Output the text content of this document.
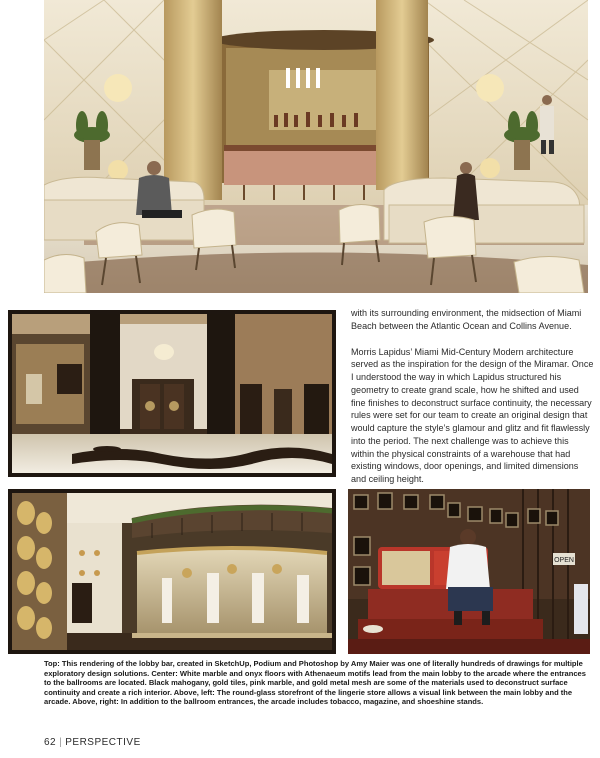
OPEN

with its surrounding environment, the midsection of Miami Beach between the Atlantic Ocean and Collins Avenue.

Morris Lapidus’ Miami Mid-Century Modern architecture served as the inspiration for the design of the Miramar. Once I understood the way in which Lapidus structured his geometry to create grand scale, how he shifted and used fine finishes to deconstruct surface continuity, the necessary rules were set for our team to create an original design that would capture the style’s glamour and glitz and fit flawlessly into the period. The next challenge was to achieve this within the physical constraints of a warehouse that had existing windows, door openings, and limited dimensions and ceiling height.

Top: This rendering of the lobby bar, created in SketchUp, Podium and Photoshop by Amy Maier was one of literally hundreds of drawings for multiple exploratory design solutions. Center: White marble and onyx floors with Athenaeum motifs lead from the main lobby to the arcade where the entrances to the ballrooms are located. Black mahogany, gold tiles, pink marble, and gold metal mesh are some of the materials used to deconstruct surface continuity and create a rich interior. Above, left: The round-glass storefront of the lingerie store allows a visual link between the main lobby and the arcade. Above, right: In addition to the ballroom entrances, the arcade includes tobacco, magazine, and shoeshine stands.

62 | PERSPECTIVE
